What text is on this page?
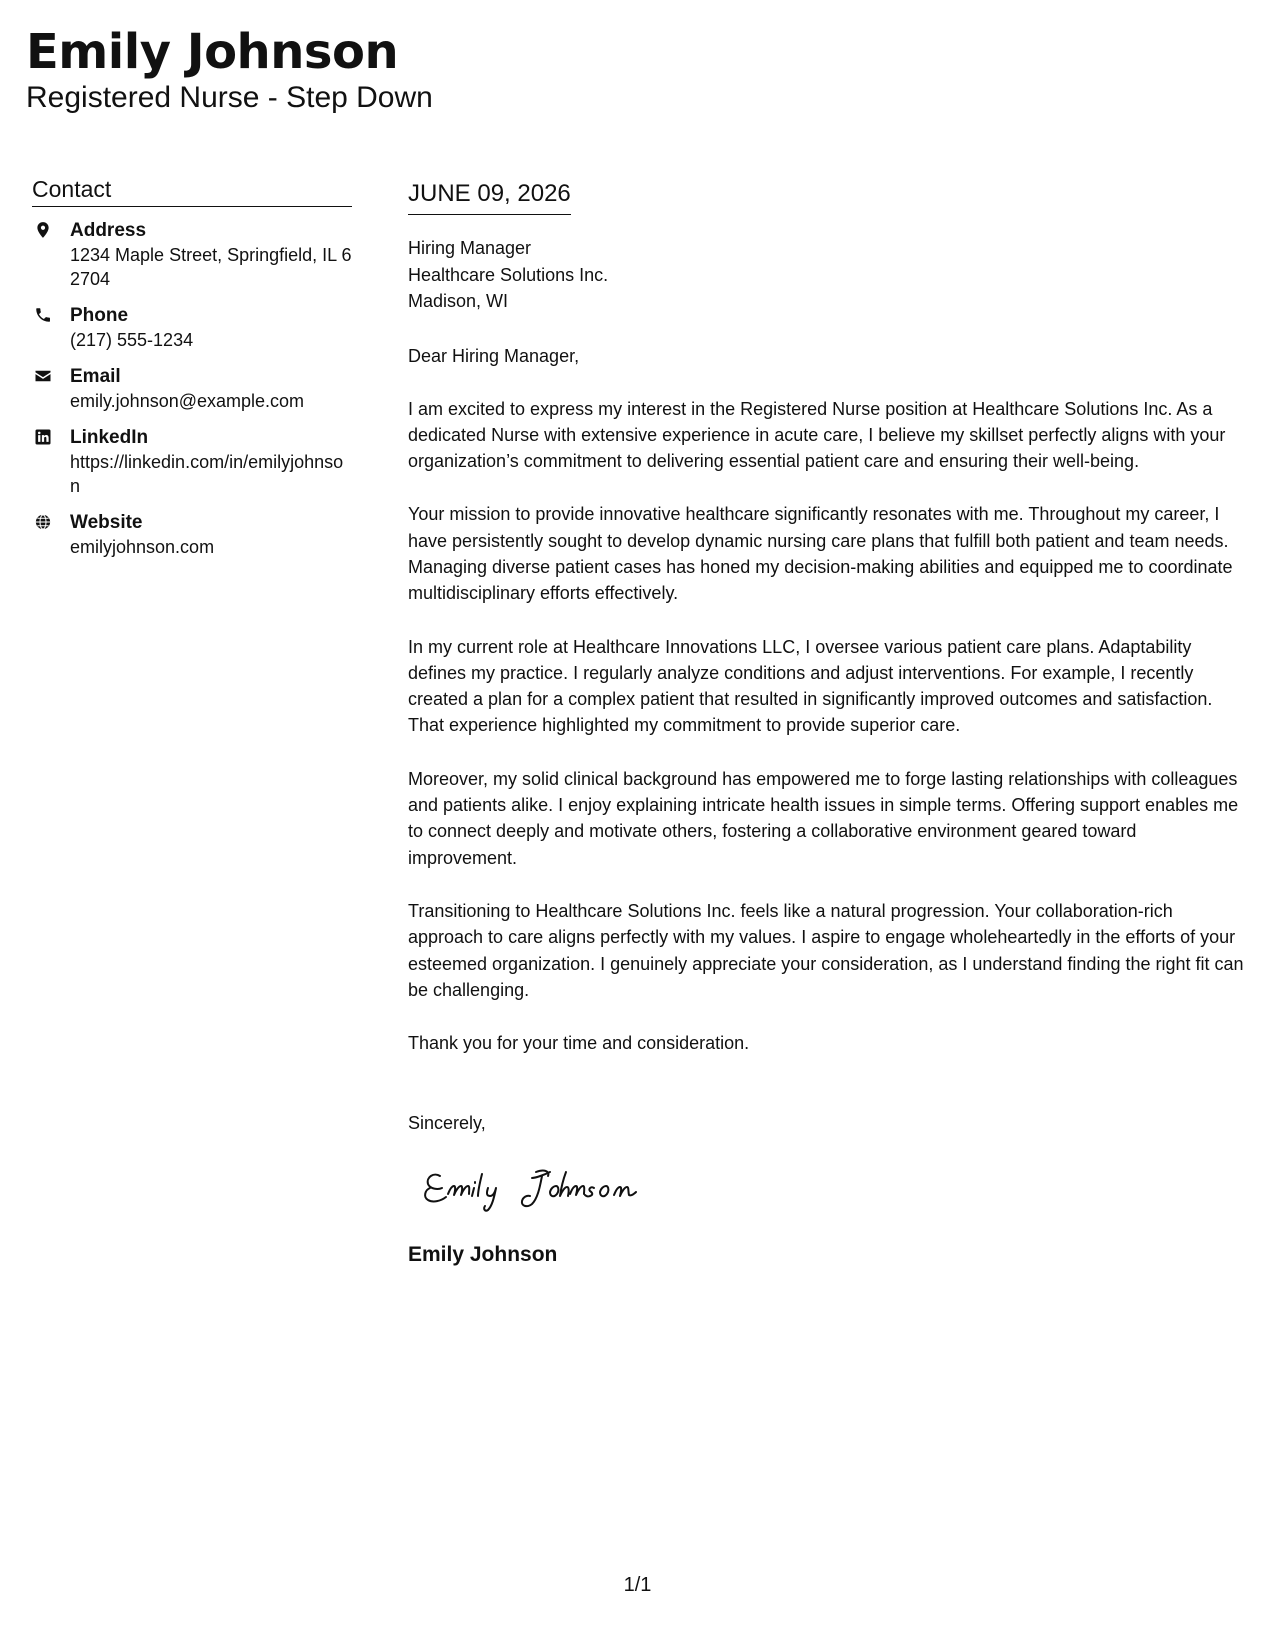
Emily Johnson
Registered Nurse - Step Down
Contact
Address
1234 Maple Street, Springfield, IL 62704
Phone
(217) 555-1234
Email
emily.johnson@example.com
LinkedIn
https://linkedin.com/in/emilyjohnson
Website
emilyjohnson.com
JUNE 09, 2026
Hiring Manager
Healthcare Solutions Inc.
Madison, WI
Dear Hiring Manager,
I am excited to express my interest in the Registered Nurse position at Healthcare Solutions Inc. As a dedicated Nurse with extensive experience in acute care, I believe my skillset perfectly aligns with your organization’s commitment to delivering essential patient care and ensuring their well-being.
Your mission to provide innovative healthcare significantly resonates with me. Throughout my career, I have persistently sought to develop dynamic nursing care plans that fulfill both patient and team needs. Managing diverse patient cases has honed my decision-making abilities and equipped me to coordinate multidisciplinary efforts effectively.
In my current role at Healthcare Innovations LLC, I oversee various patient care plans. Adaptability defines my practice. I regularly analyze conditions and adjust interventions. For example, I recently created a plan for a complex patient that resulted in significantly improved outcomes and satisfaction. That experience highlighted my commitment to provide superior care.
Moreover, my solid clinical background has empowered me to forge lasting relationships with colleagues and patients alike. I enjoy explaining intricate health issues in simple terms. Offering support enables me to connect deeply and motivate others, fostering a collaborative environment geared toward improvement.
Transitioning to Healthcare Solutions Inc. feels like a natural progression. Your collaboration-rich approach to care aligns perfectly with my values. I aspire to engage wholeheartedly in the efforts of your esteemed organization. I genuinely appreciate your consideration, as I understand finding the right fit can be challenging.
Thank you for your time and consideration.
Sincerely,
Emily Johnson
1/1
